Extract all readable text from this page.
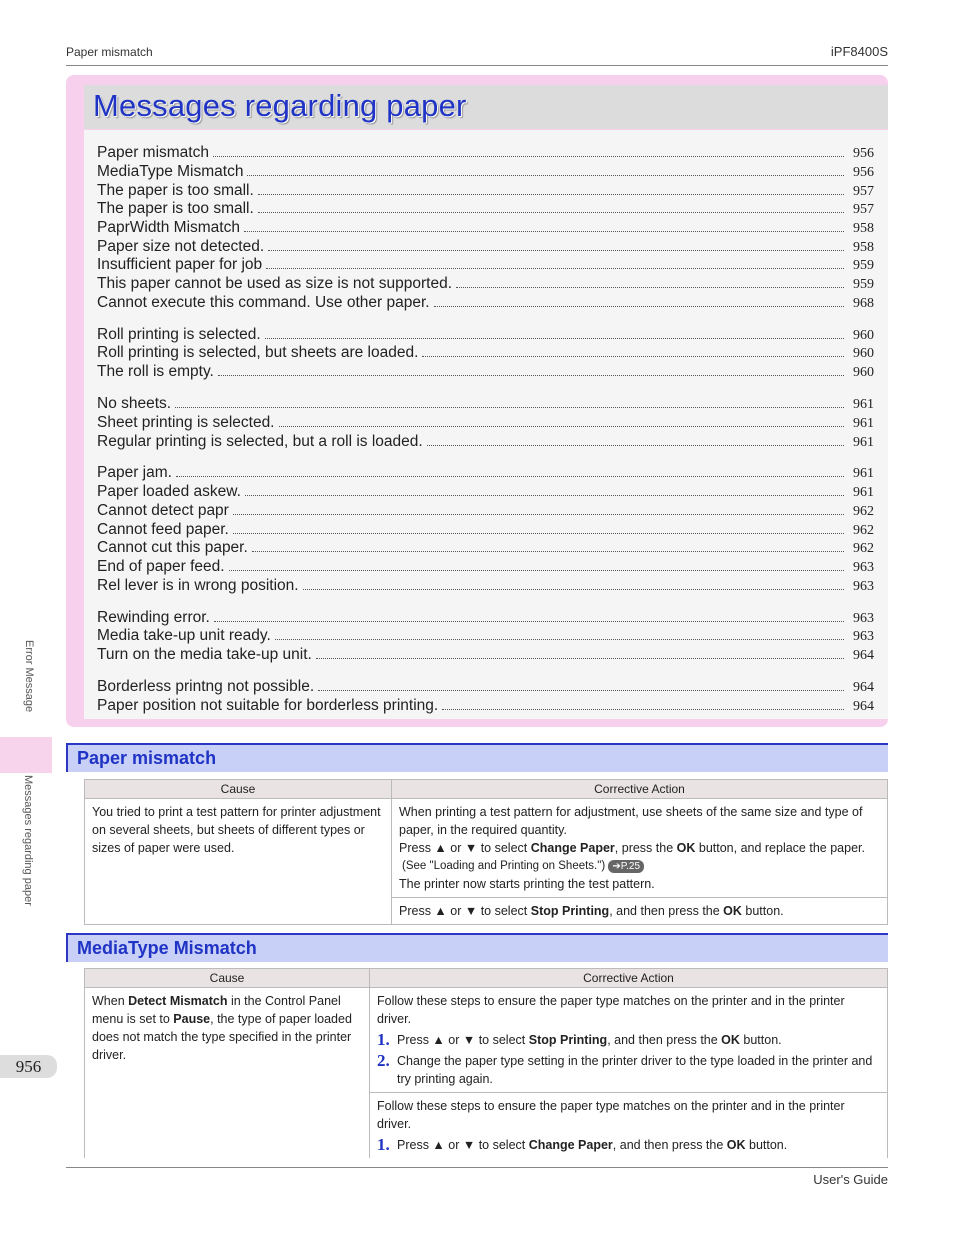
Paper mismatch	iPF8400S
Error Message
Messages regarding paper
956
Messages regarding paper
Paper mismatch	956
MediaType Mismatch	956
The paper is too small.	957
The paper is too small.	957
PaprWidth Mismatch	958
Paper size not detected.	958
Insufficient paper for job	959
This paper cannot be used as size is not supported.	959
Cannot execute this command. Use other paper.	968
Roll printing is selected.	960
Roll printing is selected, but sheets are loaded.	960
The roll is empty.	960
No sheets.	961
Sheet printing is selected.	961
Regular printing is selected, but a roll is loaded.	961
Paper jam.	961
Paper loaded askew.	961
Cannot detect papr	962
Cannot feed paper.	962
Cannot cut this paper.	962
End of paper feed.	963
Rel lever is in wrong position.	963
Rewinding error.	963
Media take-up unit ready.	963
Turn on the media take-up unit.	964
Borderless printng not possible.	964
Paper position not suitable for borderless printing.	964
Paper mismatch
Cause	Corrective Action
You tried to print a test pattern for printer adjustment on several sheets, but sheets of different types or sizes of paper were used.	When printing a test pattern for adjustment, use sheets of the same size and type of paper, in the required quantity.
Press ▲ or ▼ to select Change Paper, press the OK button, and replace the paper.
(See "Loading and Printing on Sheets.") ➔P.25
The printer now starts printing the test pattern.

	Press ▲ or ▼ to select Stop Printing, and then press the OK button.
MediaType Mismatch
Cause	Corrective Action
When Detect Mismatch in the Control Panel menu is set to Pause, the type of paper loaded does not match the type specified in the printer driver.	Follow these steps to ensure the paper type matches on the printer and in the printer driver.
1. Press ▲ or ▼ to select Stop Printing, and then press the OK button.
2. Change the paper type setting in the printer driver to the type loaded in the printer and try printing again.

	Follow these steps to ensure the paper type matches on the printer and in the printer driver.
1. Press ▲ or ▼ to select Change Paper, and then press the OK button.
User's Guide
